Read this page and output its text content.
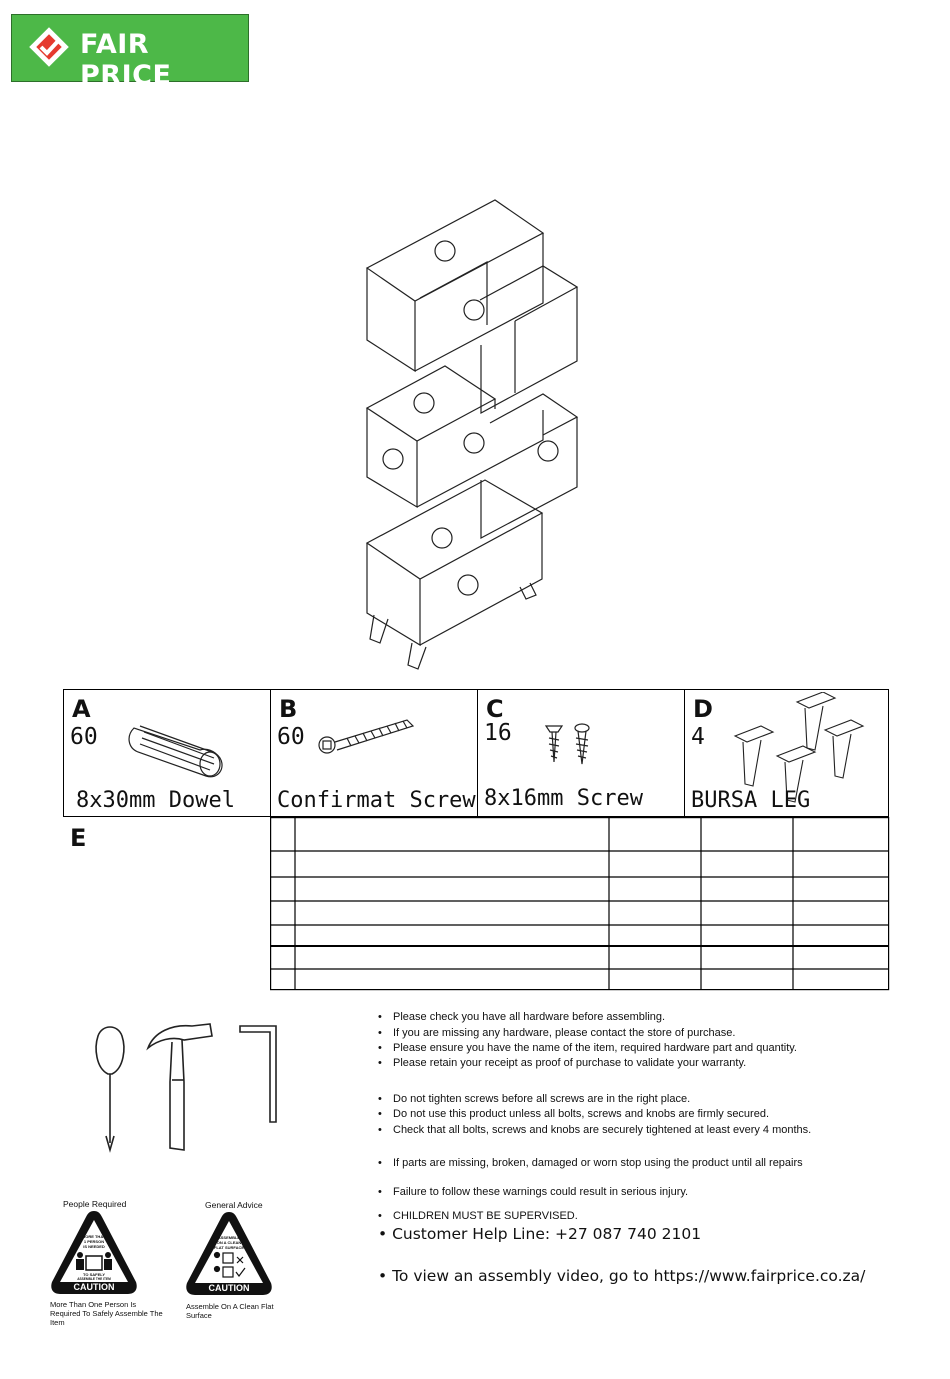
FAIR PRICE
A
60
8x30mm Dowel
B
60
Confirmat Screw
C
16
8x16mm Screw
D
4
BURSA LEG
E
• Please check you have all hardware before assembling.
• If you are missing any hardware, please contact the store of purchase.
• Please ensure you have the name of the item, required hardware part and quantity.
• Please retain your receipt as proof of purchase to validate your warranty.
• Do not tighten screws before all screws are in the right place.
• Do not use this product unless all bolts, screws and knobs are firmly secured.
• Check that all bolts, screws and knobs are securely tightened at least every 4 months.
• If parts are missing, broken, damaged or worn stop using the product until all repairs
• Failure to follow these warnings could result in serious injury.
• CHILDREN MUST BE SUPERVISED.
• Customer Help Line: +27 087 740 2101
• To view an assembly video, go to https://www.fairprice.co.za/
People Required
CAUTION
MORE THAN
1 PERSON
IS NEEDED
TO SAFELY
ASSEMBLE THE ITEM
More Than One Person Is Required To Safely Assemble The Item
General Advice
CAUTION
ASSEMBLE
ON A CLEAN
FLAT SURFACE
Assemble On A Clean Flat Surface
